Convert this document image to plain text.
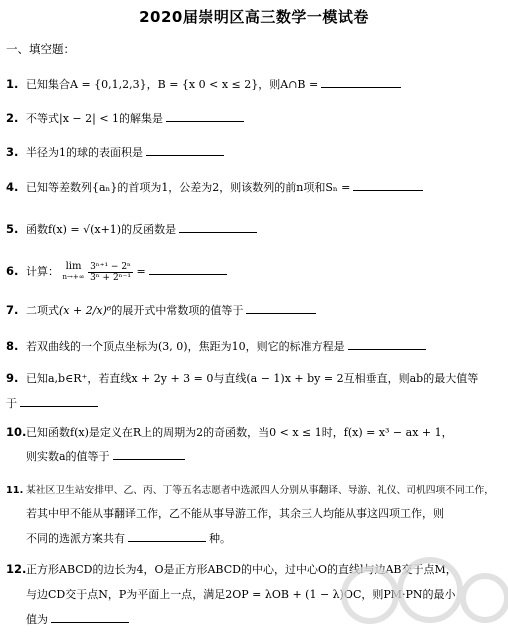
2020届崇明区高三数学一模试卷
一、填空题：
1. 已知集合A = {0,1,2,3}，B = {x 0 < x ≤ 2}，则A∩B =
2. 不等式|x − 2| < 1的解集是
3. 半径为1的球的表面积是
4. 已知等差数列{aₙ}的首项为1，公差为2，则该数列的前n项和Sₙ =
5. 函数f(x) = √(x+1)的反函数是
6. 计算： lim
n→+∞
$\frac{\text{3ⁿ⁺¹ − 2ⁿ}}{\text{3ⁿ + 2ⁿ⁻¹}}$ =
7. 二项式(x + 2/x)⁶的展开式中常数项的值等于
8. 若双曲线的一个顶点坐标为(3, 0)，焦距为10，则它的标准方程是
9. 已知a,b∈R⁺，若直线x + 2y + 3 = 0与直线(a − 1)x + by = 2互相垂直，则ab的最大值等
于
10.已知函数f(x)是定义在R上的周期为2的奇函数，当0 < x ≤ 1时，f(x) = x³ − ax + 1，
则实数a的值等于
11. 某社区卫生站安排甲、乙、丙、丁等五名志愿者中选派四人分别从事翻译、导游、礼仪、司机四项不同工作，
若其中甲不能从事翻译工作，乙不能从事导游工作，其余三人均能从事这四项工作，则
不同的选派方案共有	种。
12.正方形ABCD的边长为4，O是正方形ABCD的中心，过中心O的直线l与边AB交于点M，
与边CD交于点N，P为平面上一点，满足2OP = λOB + (1 − λ)OC，则PM·PN的最小
值为
